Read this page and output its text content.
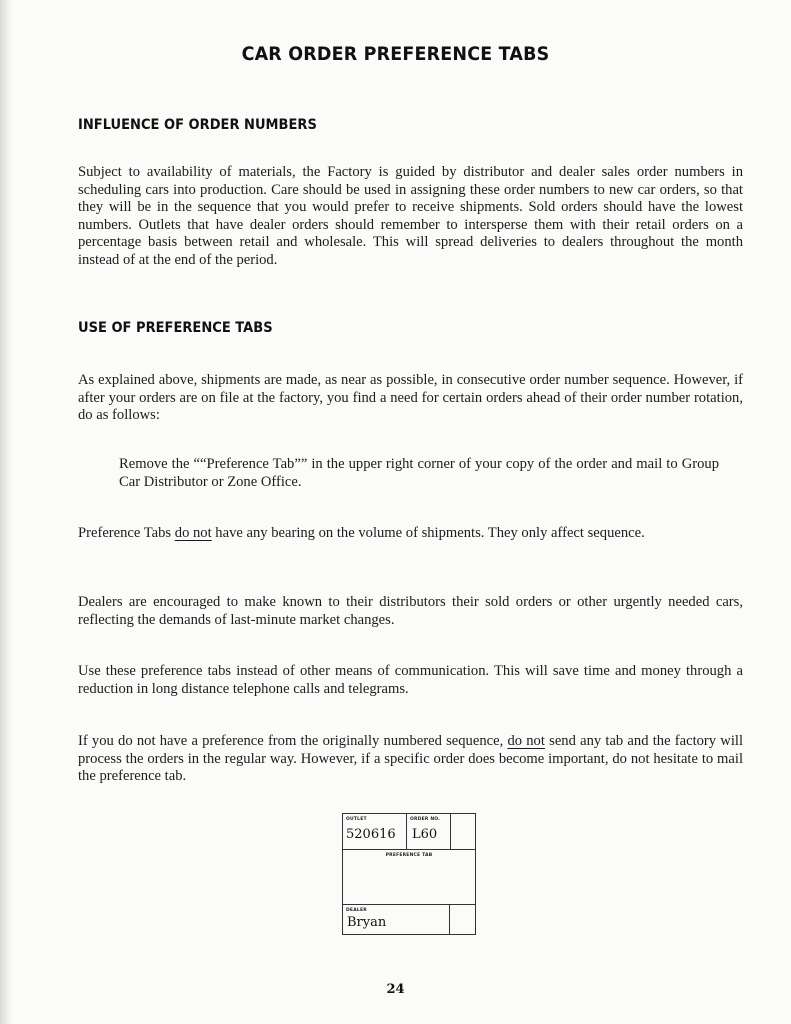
CAR ORDER PREFERENCE TABS
INFLUENCE OF ORDER NUMBERS

Subject to availability of materials, the Factory is guided by distributor and dealer sales order numbers in scheduling cars into production. Care should be used in assigning these order numbers to new car orders, so that they will be in the sequence that you would prefer to receive shipments. Sold orders should have the lowest numbers. Outlets that have dealer orders should remember to intersperse them with their retail orders on a percentage basis between retail and wholesale. This will spread deliveries to dealers throughout the month instead of at the end of the period.

USE OF PREFERENCE TABS

As explained above, shipments are made, as near as possible, in consecutive order number sequence. However, if after your orders are on file at the factory, you find a need for certain orders ahead of their order number rotation, do as follows:

Remove the ““Preference Tab”” in the upper right corner of your copy of the order and mail to Group Car Distributor or Zone Office.

Preference Tabs do not have any bearing on the volume of shipments. They only affect sequence.

Dealers are encouraged to make known to their distributors their sold orders or other urgently needed cars, reflecting the demands of last-minute market changes.

Use these preference tabs instead of other means of communication. This will save time and money through a reduction in long distance telephone calls and telegrams.

If you do not have a preference from the originally numbered sequence, do not send any tab and the factory will process the orders in the regular way. However, if a specific order does become important, do not hesitate to mail the preference tab.

OUTLET
520616
ORDER NO.
L60
PREFERENCE TAB
DEALER
Bryan
24
